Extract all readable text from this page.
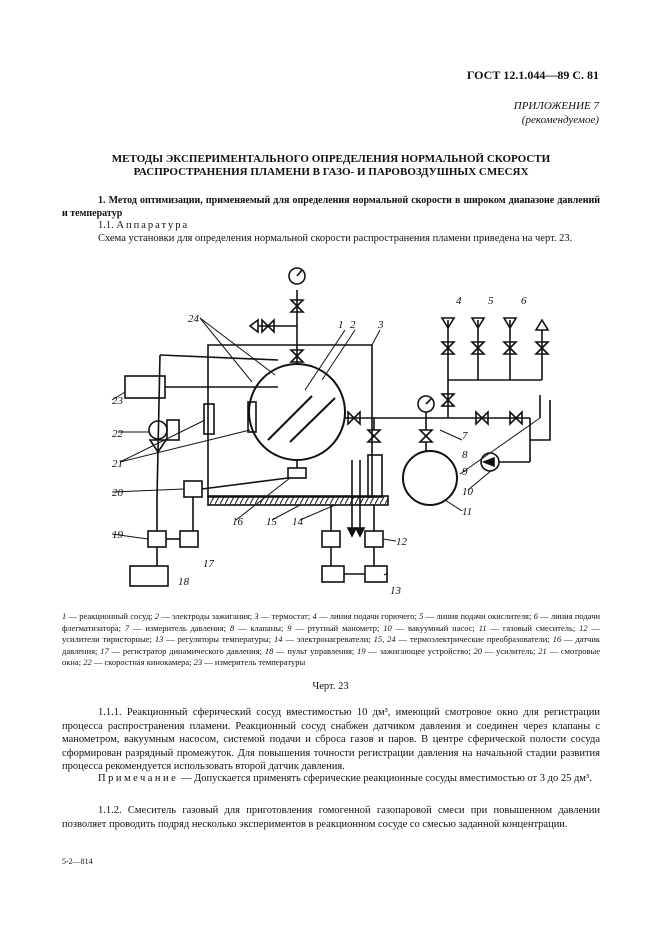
ГОСТ 12.1.044—89 С. 81
ПРИЛОЖЕНИЕ 7
(рекомендуемое)
МЕТОДЫ ЭКСПЕРИМЕНТАЛЬНОГО ОПРЕДЕЛЕНИЯ НОРМАЛЬНОЙ СКОРОСТИ
РАСПРОСТРАНЕНИЯ ПЛАМЕНИ В ГАЗО- И ПАРОВОЗДУШНЫХ СМЕСЯХ
1. Метод оптимизации, применяемый для определения нормальной скорости в широком диапазоне давлений и температур
1.1. Аппаратура
Схема установки для определения нормальной скорости распространения пламени приведена на черт. 23.
1 2 3
4 5	6
7
8
9
10
11
12
13
14
15
16
17
18
19
20
21
22
23
24
1 — реакционный сосуд; 2 — электроды зажигания; 3 — термостат; 4 — линия подачи горючего; 5 — линия подачи окислителя; 6 — линия подачи флегматизатора; 7 — измеритель давления; 8 — клапаны; 9 — ртутный манометр; 10 — вакуумный насос; 11 — газовый смеситель; 12 — усилители тиристорные; 13 — регуляторы температуры; 14 — электронагреватели; 15, 24 — термоэлектрические преобразователи; 16 — датчик давления; 17 — регистратор динамического давления; 18 — пульт управления; 19 — зажигающее устройство; 20 — усилитель; 21 — смотровые окна; 22 — скоростная кинокамера; 23 — измеритель температуры
Черт. 23
1.1.1. Реакционный сферический сосуд вместимостью 10 дм³, имеющий смотровое окно для регистрации процесса распространения пламени. Реакционный сосуд снабжен датчиком давления и соединен через клапаны с манометром, вакуумным насосом, системой подачи и сброса газов и паров. В центре сферической полости сосуда сформирован разрядный промежуток. Для повышения точности регистрации давления на начальной стадии развития процесса рекомендуется использовать второй датчик давления.
Примечание — Допускается применять сферические реакционные сосуды вместимостью от 3 до 25 дм³.
1.1.2. Смеситель газовый для приготовления гомогенной газопаровой смеси при повышенном давлении позволяет проводить подряд несколько экспериментов в реакционном сосуде со смесью заданной концентрации.
5-2—814
